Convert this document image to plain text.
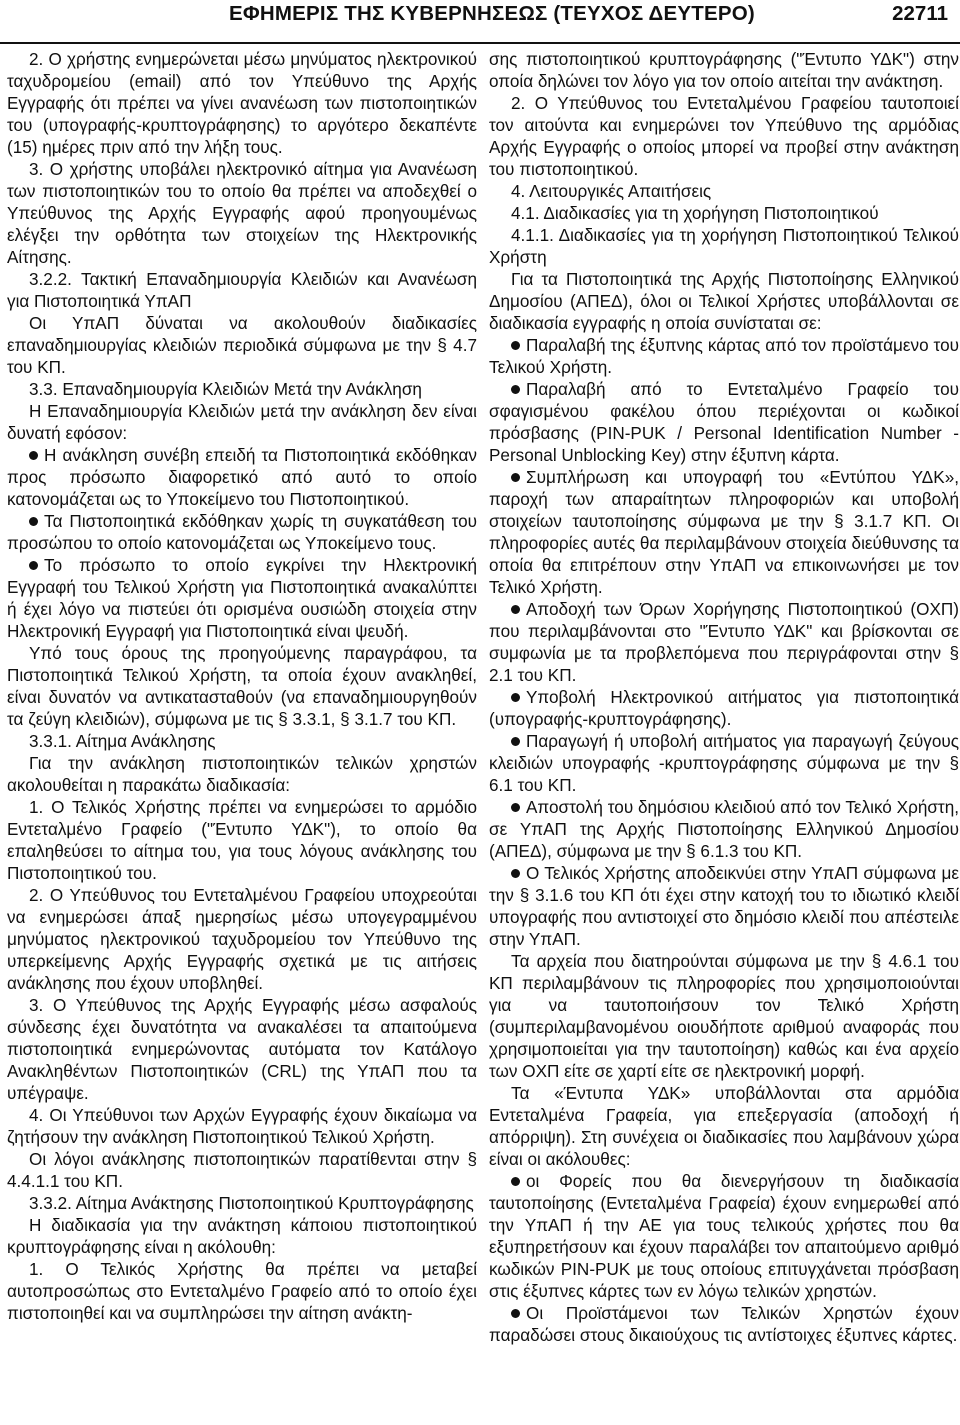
ΕΦΗΜΕΡΙΣ ΤΗΣ ΚΥΒΕΡΝΗΣΕΩΣ (ΤΕΥΧΟΣ ΔΕΥΤΕΡΟ)	22711

2. Ο χρήστης ενημερώνεται μέσω μηνύματος ηλεκτρονικού ταχυδρομείου (email) από τον Υπεύθυνο της Αρχής Εγγραφής ότι πρέπει να γίνει ανανέωση των πιστοποιητικών του (υπογραφής-κρυπτογράφησης) το αργότερο δεκαπέντε (15) ημέρες πριν από την λήξη τους.

3. Ο χρήστης υποβάλει ηλεκτρονικό αίτημα για Ανανέωση των πιστοποιητικών του το οποίο θα πρέπει να αποδεχθεί ο Υπεύθυνος της Αρχής Εγγραφής αφού προηγουμένως ελέγξει την ορθότητα των στοιχείων της Ηλεκτρονικής Αίτησης.

3.2.2. Τακτική Επαναδημιουργία Κλειδιών και Ανανέωση για Πιστοποιητικά ΥπΑΠ

Οι ΥπΑΠ δύναται να ακολουθούν διαδικασίες επαναδημιουργίας κλειδιών περιοδικά σύμφωνα με την § 4.7 του ΚΠ.

3.3. Επαναδημιουργία Κλειδιών Μετά την Ανάκληση

Η Επαναδημιουργία Κλειδιών μετά την ανάκληση δεν είναι δυνατή εφόσον:

Η ανάκληση συνέβη επειδή τα Πιστοποιητικά εκδόθηκαν προς πρόσωπο διαφορετικό από αυτό το οποίο κατονομάζεται ως το Υποκείμενο του Πιστοποιητικού.

Τα Πιστοποιητικά εκδόθηκαν χωρίς τη συγκατάθεση του προσώπου το οποίο κατονομάζεται ως Υποκείμενο τους.

Το πρόσωπο το οποίο εγκρίνει την Ηλεκτρονική Εγγραφή του Τελικού Χρήστη για Πιστοποιητικά ανακαλύπτει ή έχει λόγο να πιστεύει ότι ορισμένα ουσιώδη στοιχεία στην Ηλεκτρονική Εγγραφή για Πιστοποιητικά είναι ψευδή.

Υπό τους όρους της προηγούμενης παραγράφου, τα Πιστοποιητικά Τελικού Χρήστη, τα οποία έχουν ανακληθεί, είναι δυνατόν να αντικατασταθούν (να επαναδημιουργηθούν τα ζεύγη κλειδιών), σύμφωνα με τις § 3.3.1, § 3.1.7 του ΚΠ.

3.3.1. Αίτημα Ανάκλησης

Για την ανάκληση πιστοποιητικών τελικών χρηστών ακολουθείται η παρακάτω διαδικασία:

1. Ο Τελικός Χρήστης πρέπει να ενημερώσει το αρμόδιο Εντεταλμένο Γραφείο ("Έντυπο ΥΔΚ"), το οποίο θα επαληθεύσει το αίτημα του, για τους λόγους ανάκλησης του Πιστοποιητικού του.

2. Ο Υπεύθυνος του Εντεταλμένου Γραφείου υποχρεούται να ενημερώσει άπαξ ημερησίως μέσω υπογεγραμμένου μηνύματος ηλεκτρονικού ταχυδρομείου τον Υπεύθυνο της υπερκείμενης Αρχής Εγγραφής σχετικά με τις αιτήσεις ανάκλησης που έχουν υποβληθεί.

3. Ο Υπεύθυνος της Αρχής Εγγραφής μέσω ασφαλούς σύνδεσης έχει δυνατότητα να ανακαλέσει τα απαιτούμενα πιστοποιητικά ενημερώνοντας αυτόματα τον Κατάλογο Ανακληθέντων Πιστοποιητικών (CRL) της ΥπΑΠ που τα υπέγραψε.

4. Οι Υπεύθυνοι των Αρχών Εγγραφής έχουν δικαίωμα να ζητήσουν την ανάκληση Πιστοποιητικού Τελικού Χρήστη.

Οι λόγοι ανάκλησης πιστοποιητικών παρατίθενται στην § 4.4.1.1 του ΚΠ.

3.3.2. Αίτημα Ανάκτησης Πιστοποιητικού Κρυπτογράφησης

Η διαδικασία για την ανάκτηση κάποιου πιστοποιητικού κρυπτογράφησης είναι η ακόλουθη:

1. Ο Τελικός Χρήστης θα πρέπει να μεταβεί αυτοπροσώπως στο Εντεταλμένο Γραφείο από το οποίο έχει πιστοποιηθεί και να συμπληρώσει την αίτηση ανάκτη-

σης πιστοποιητικού κρυπτογράφησης ("Έντυπο ΥΔΚ") στην οποία δηλώνει τον λόγο για τον οποίο αιτείται την ανάκτηση.

2. Ο Υπεύθυνος του Εντεταλμένου Γραφείου ταυτοποιεί τον αιτούντα και ενημερώνει τον Υπεύθυνο της αρμόδιας Αρχής Εγγραφής ο οποίος μπορεί να προβεί στην ανάκτηση του πιστοποιητικού.

4. Λειτουργικές Απαιτήσεις

4.1. Διαδικασίες για τη χορήγηση Πιστοποιητικού

4.1.1. Διαδικασίες για τη χορήγηση Πιστοποιητικού Τελικού Χρήστη

Για τα Πιστοποιητικά της Αρχής Πιστοποίησης Ελληνικού Δημοσίου (ΑΠΕΔ), όλοι οι Τελικοί Χρήστες υποβάλλονται σε διαδικασία εγγραφής η οποία συνίσταται σε:

Παραλαβή της έξυπνης κάρτας από τον προϊστάμενο του Τελικού Χρήστη.

Παραλαβή από το Εντεταλμένο Γραφείο του σφαγισμένου φακέλου όπου περιέχονται οι κωδικοί πρόσβασης (PIN-PUK / Personal Identification Number - Personal Unblocking Key) στην έξυπνη κάρτα.

Συμπλήρωση και υπογραφή του «Εντύπου ΥΔΚ», παροχή των απαραίτητων πληροφοριών και υποβολή στοιχείων ταυτοποίησης σύμφωνα με την § 3.1.7 ΚΠ. Οι πληροφορίες αυτές θα περιλαμβάνουν στοιχεία διεύθυνσης τα οποία θα επιτρέπουν στην ΥπΑΠ να επικοινωνήσει με τον Τελικό Χρήστη.

Αποδοχή των Όρων Χορήγησης Πιστοποιητικού (ΟΧΠ) που περιλαμβάνονται στο "Έντυπο ΥΔΚ" και βρίσκονται σε συμφωνία με τα προβλεπόμενα που περιγράφονται στην § 2.1 του ΚΠ.

Υποβολή Ηλεκτρονικού αιτήματος για πιστοποιητικά (υπογραφής-κρυπτογράφησης).

Παραγωγή ή υποβολή αιτήματος για παραγωγή ζεύγους κλειδιών υπογραφής -κρυπτογράφησης σύμφωνα με την § 6.1 του ΚΠ.

Αποστολή του δημόσιου κλειδιού από τον Τελικό Χρήστη, σε ΥπΑΠ της Αρχής Πιστοποίησης Ελληνικού Δημοσίου (ΑΠΕΔ), σύμφωνα με την § 6.1.3 του ΚΠ.

Ο Τελικός Χρήστης αποδεικνύει στην ΥπΑΠ σύμφωνα με την § 3.1.6 του ΚΠ ότι έχει στην κατοχή του το ιδιωτικό κλειδί υπογραφής που αντιστοιχεί στο δημόσιο κλειδί που απέστειλε στην ΥπΑΠ.

Τα αρχεία που διατηρούνται σύμφωνα με την § 4.6.1 του ΚΠ περιλαμβάνουν τις πληροφορίες που χρησιμοποιούνται για να ταυτοποιήσουν τον Τελικό Χρήστη (συμπεριλαμβανομένου οιουδήποτε αριθμού αναφοράς που χρησιμοποιείται για την ταυτοποίηση) καθώς και ένα αρχείο των ΟΧΠ είτε σε χαρτί είτε σε ηλεκτρονική μορφή.

Τα «Έντυπα ΥΔΚ» υποβάλλονται στα αρμόδια Εντεταλμένα Γραφεία, για επεξεργασία (αποδοχή ή απόρριψη). Στη συνέχεια οι διαδικασίες που λαμβάνουν χώρα είναι οι ακόλουθες:

οι Φορείς που θα διενεργήσουν τη διαδικασία ταυτοποίησης (Εντεταλμένα Γραφεία) έχουν ενημερωθεί από την ΥπΑΠ ή την ΑΕ για τους τελικούς χρήστες που θα εξυπηρετήσουν και έχουν παραλάβει τον απαιτούμενο αριθμό κωδικών PIN-PUK με τους οποίους επιτυγχάνεται πρόσβαση στις έξυπνες κάρτες των εν λόγω τελικών χρηστών.

Οι Προϊστάμενοι των Τελικών Χρηστών έχουν παραδώσει στους δικαιούχους τις αντίστοιχες έξυπνες κάρτες.
